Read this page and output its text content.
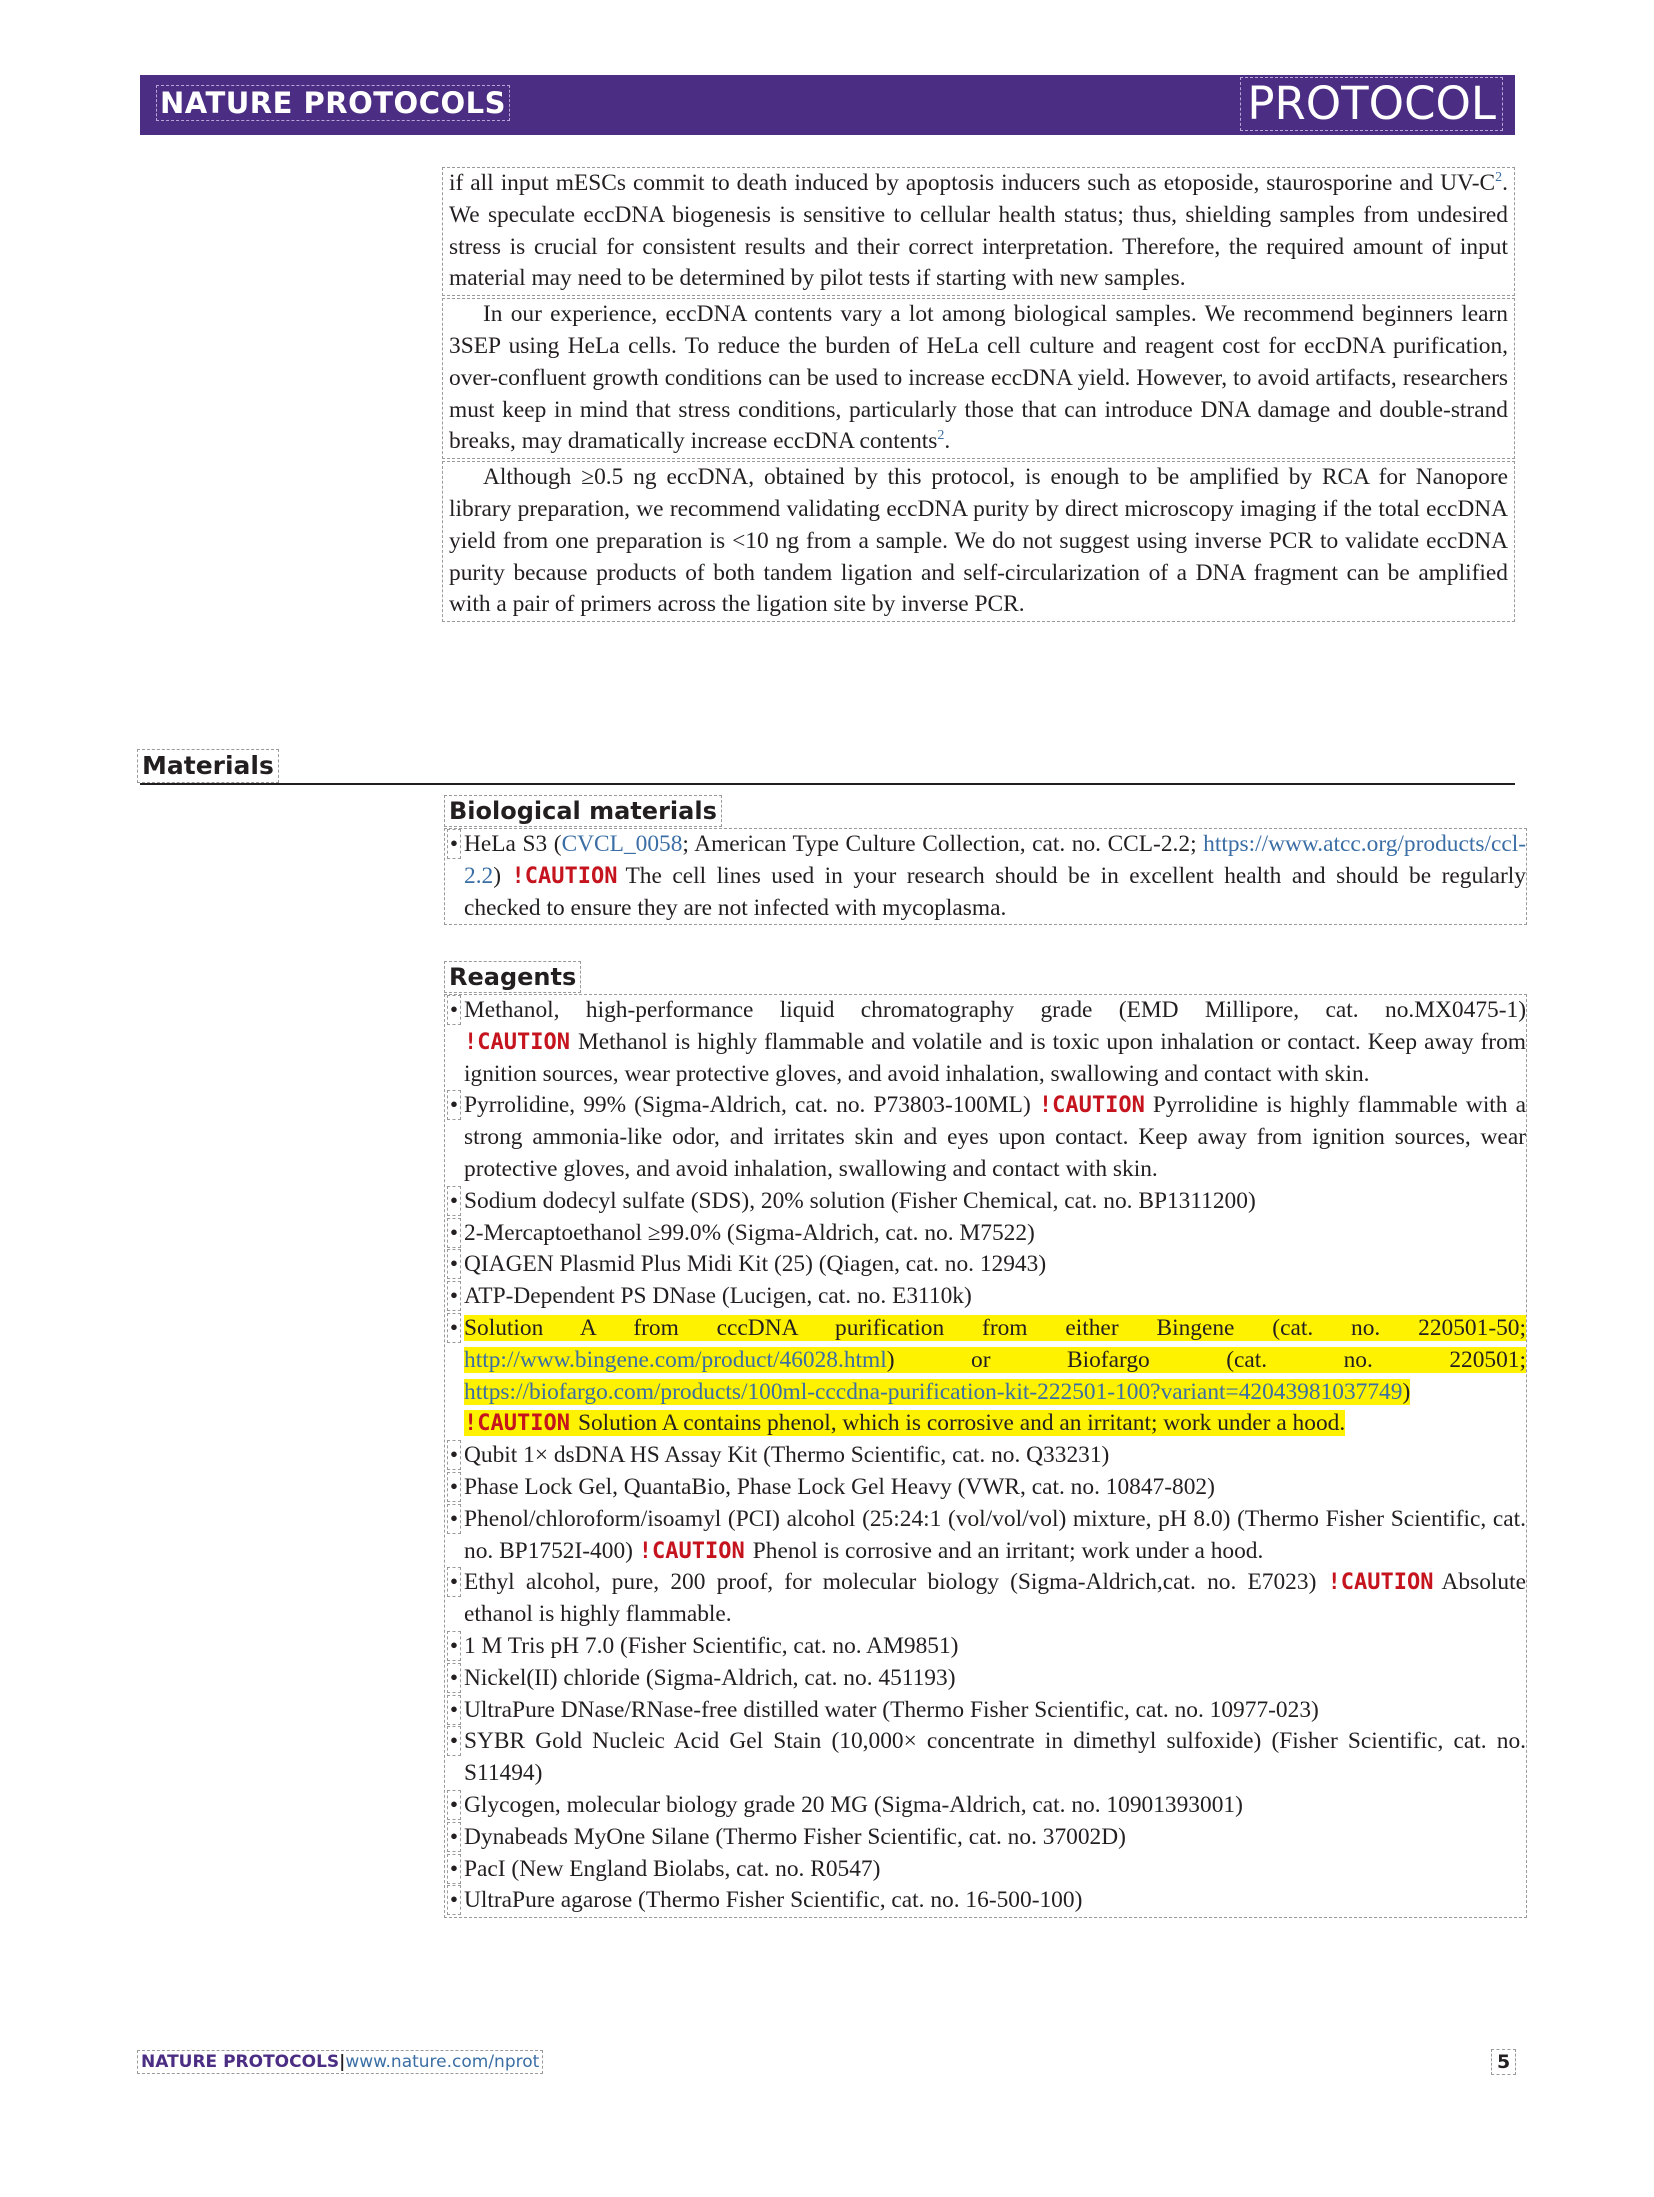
NATURE PROTOCOLS	PROTOCOL
if all input mESCs commit to death induced by apoptosis inducers such as etoposide, staurosporine and $UV-C^2$. We speculate eccDNA biogenesis is sensitive to cellular health status; thus, shielding samples from undesired stress is crucial for consistent results and their correct interpretation. Therefore, the required amount of input material may need to be determined by pilot tests if starting with new samples.
In our experience, eccDNA contents vary a lot among biological samples. We recommend beginners learn 3SEP using HeLa cells. To reduce the burden of HeLa cell culture and reagent cost for eccDNA purification, over-confluent growth conditions can be used to increase eccDNA yield. However, to avoid artifacts, researchers must keep in mind that stress conditions, particularly those that can introduce DNA damage and double-strand breaks, may dramatically increase eccDNA contents$^2$.
Although ≥0.5 ng eccDNA, obtained by this protocol, is enough to be amplified by RCA for Nanopore library preparation, we recommend validating eccDNA purity by direct microscopy imaging if the total eccDNA yield from one preparation is <10 ng from a sample. We do not suggest using inverse PCR to validate eccDNA purity because products of both tandem ligation and self-circularization of a DNA fragment can be amplified with a pair of primers across the ligation site by inverse PCR.
Materials
Biological materials
• HeLa S3 (CVCL_0058; American Type Culture Collection, cat. no. CCL-2.2; https://www.atcc.org/products/ccl-2.2) !CAUTION The cell lines used in your research should be in excellent health and should be regularly checked to ensure they are not infected with mycoplasma.
Reagents
• Methanol, high-performance liquid chromatography grade (EMD Millipore, cat. no.MX0475-1) !CAUTION Methanol is highly flammable and volatile and is toxic upon inhalation or contact. Keep away from ignition sources, wear protective gloves, and avoid inhalation, swallowing and contact with skin.
• Pyrrolidine, 99% (Sigma-Aldrich, cat. no. P73803-100ML) !CAUTION Pyrrolidine is highly flammable with a strong ammonia-like odor, and irritates skin and eyes upon contact. Keep away from ignition sources, wear protective gloves, and avoid inhalation, swallowing and contact with skin.
• Sodium dodecyl sulfate (SDS), 20% solution (Fisher Chemical, cat. no. BP1311200)
• 2-Mercaptoethanol ≥99.0% (Sigma-Aldrich, cat. no. M7522)
• QIAGEN Plasmid Plus Midi Kit (25) (Qiagen, cat. no. 12943)
• ATP-Dependent PS DNase (Lucigen, cat. no. E3110k)
• Solution A from cccDNA purification from either Bingene (cat. no. 220501-50; http://www.bingene.com/product/46028.html) or Biofargo (cat. no. 220501; https://biofargo.com/products/100ml-cccdna-purification-kit-222501-100?variant=42043981037749) !CAUTION Solution A contains phenol, which is corrosive and an irritant; work under a hood.
• Qubit 1× dsDNA HS Assay Kit (Thermo Scientific, cat. no. Q33231)
• Phase Lock Gel, QuantaBio, Phase Lock Gel Heavy (VWR, cat. no. 10847-802)
• Phenol/chloroform/isoamyl (PCI) alcohol (25:24:1 (vol/vol/vol) mixture, pH 8.0) (Thermo Fisher Scientific, cat. no. BP1752I-400) !CAUTION Phenol is corrosive and an irritant; work under a hood.
• Ethyl alcohol, pure, 200 proof, for molecular biology (Sigma-Aldrich,cat. no. E7023) !CAUTION Absolute ethanol is highly flammable.
• 1 M Tris pH 7.0 (Fisher Scientific, cat. no. AM9851)
• Nickel(II) chloride (Sigma-Aldrich, cat. no. 451193)
• UltraPure DNase/RNase-free distilled water (Thermo Fisher Scientific, cat. no. 10977-023)
• SYBR Gold Nucleic Acid Gel Stain (10,000× concentrate in dimethyl sulfoxide) (Fisher Scientific, cat. no. S11494)
• Glycogen, molecular biology grade 20 MG (Sigma-Aldrich, cat. no. 10901393001)
• Dynabeads MyOne Silane (Thermo Fisher Scientific, cat. no. 37002D)
• PacI (New England Biolabs, cat. no. R0547)
• UltraPure agarose (Thermo Fisher Scientific, cat. no. 16-500-100)
NATURE PROTOCOLS|www.nature.com/nprot	5
